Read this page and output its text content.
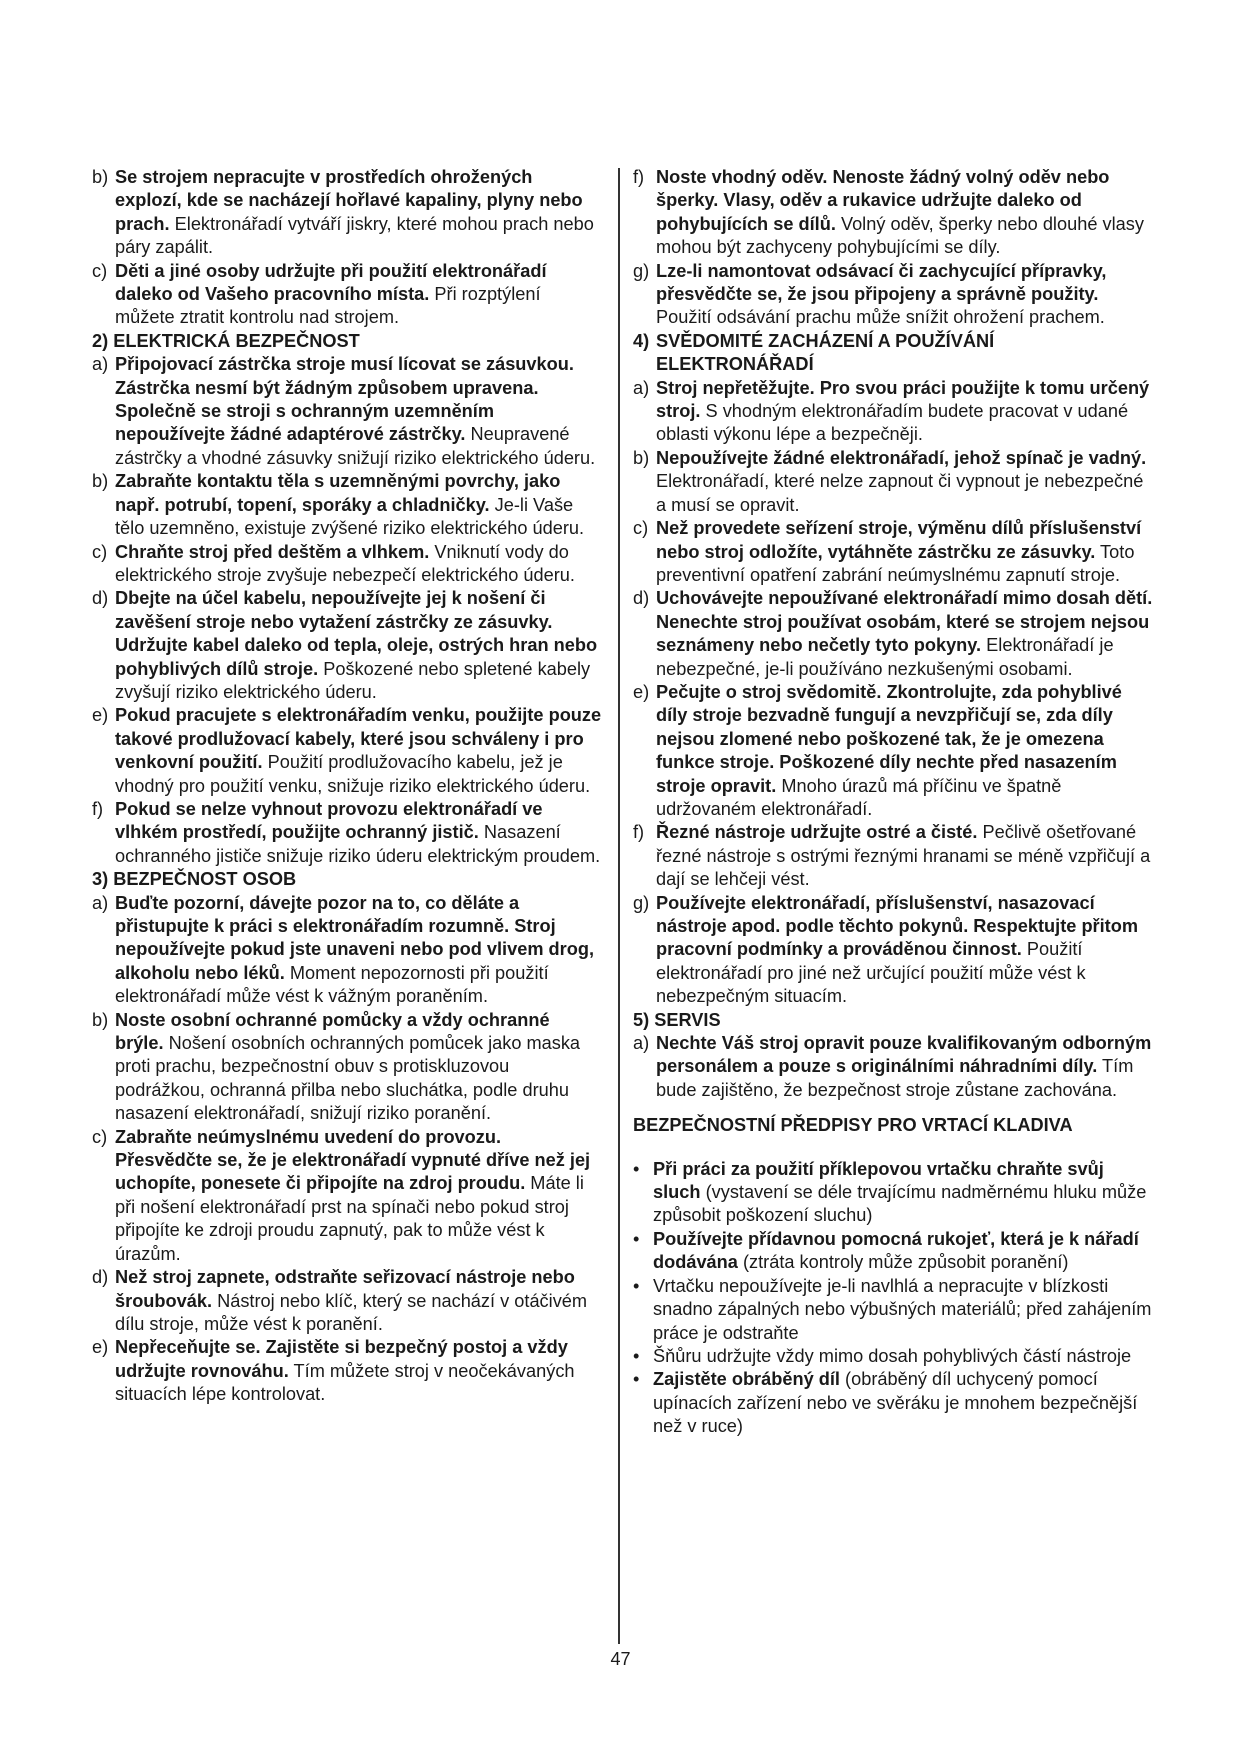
b) Se strojem nepracujte v prostředích ohrožených explozí, kde se nacházejí hořlavé kapaliny, plyny nebo prach. Elektronářadí vytváří jiskry, které mohou prach nebo páry zapálit.
c) Děti a jiné osoby udržujte při použití elektronářadí daleko od Vašeho pracovního místa. Při rozptýlení můžete ztratit kontrolu nad strojem.
2) ELEKTRICKÁ BEZPEČNOST
a) Připojovací zástrčka stroje musí lícovat se zásuvkou. Zástrčka nesmí být žádným způsobem upravena. Společně se stroji s ochranným uzemněním nepoužívejte žádné adaptérové zástrčky. Neupravené zástrčky a vhodné zásuvky snižují riziko elektrického úderu.
b) Zabraňte kontaktu těla s uzemněnými povrchy, jako např. potrubí, topení, sporáky a chladničky. Je-li Vaše tělo uzemněno, existuje zvýšené riziko elektrického úderu.
c) Chraňte stroj před deštěm a vlhkem. Vniknutí vody do elektrického stroje zvyšuje nebezpečí elektrického úderu.
d) Dbejte na účel kabelu, nepoužívejte jej k nošení či zavěšení stroje nebo vytažení zástrčky ze zásuvky. Udržujte kabel daleko od tepla, oleje, ostrých hran nebo pohyblivých dílů stroje. Poškozené nebo spletené kabely zvyšují riziko elektrického úderu.
e) Pokud pracujete s elektronářadím venku, použijte pouze takové prodlužovací kabely, které jsou schváleny i pro venkovní použití. Použití prodlužovacího kabelu, jež je vhodný pro použití venku, snižuje riziko elektrického úderu.
f) Pokud se nelze vyhnout provozu elektronářadí ve vlhkém prostředí, použijte ochranný jistič. Nasazení ochranného jističe snižuje riziko úderu elektrickým proudem.
3) BEZPEČNOST OSOB
a) Buďte pozorní, dávejte pozor na to, co děláte a přistupujte k práci s elektronářadím rozumně. Stroj nepoužívejte pokud jste unaveni nebo pod vlivem drog, alkoholu nebo léků. Moment nepozornosti při použití elektronářadí může vést k vážným poraněním.
b) Noste osobní ochranné pomůcky a vždy ochranné brýle. Nošení osobních ochranných pomůcek jako maska proti prachu, bezpečnostní obuv s protiskluzovou podrážkou, ochranná přilba nebo sluchátka, podle druhu nasazení elektronářadí, snižují riziko poranění.
c) Zabraňte neúmyslnému uvedení do provozu. Přesvědčte se, že je elektronářadí vypnuté dříve než jej uchopíte, ponesete či připojíte na zdroj proudu. Máte li při nošení elektronářadí prst na spínači nebo pokud stroj připojíte ke zdroji proudu zapnutý, pak to může vést k úrazům.
d) Než stroj zapnete, odstraňte seřizovací nástroje nebo šroubovák. Nástroj nebo klíč, který se nachází v otáčivém dílu stroje, může vést k poranění.
e) Nepřeceňujte se. Zajistěte si bezpečný postoj a vždy udržujte rovnováhu. Tím můžete stroj v neočekávaných situacích lépe kontrolovat.
f) Noste vhodný oděv. Nenoste žádný volný oděv nebo šperky. Vlasy, oděv a rukavice udržujte daleko od pohybujících se dílů. Volný oděv, šperky nebo dlouhé vlasy mohou být zachyceny pohybujícími se díly.
g) Lze-li namontovat odsávací či zachycující přípravky, přesvědčte se, že jsou připojeny a správně použity. Použití odsávání prachu může snížit ohrožení prachem.
4) SVĚDOMITÉ ZACHÁZENÍ A POUŽÍVÁNÍ ELEKTRONÁŘADÍ
a) Stroj nepřetěžujte. Pro svou práci použijte k tomu určený stroj. S vhodným elektronářadím budete pracovat v udané oblasti výkonu lépe a bezpečněji.
b) Nepoužívejte žádné elektronářadí, jehož spínač je vadný. Elektronářadí, které nelze zapnout či vypnout je nebezpečné a musí se opravit.
c) Než provedete seřízení stroje, výměnu dílů příslušenství nebo stroj odložíte, vytáhněte zástrčku ze zásuvky. Toto preventivní opatření zabrání neúmyslnému zapnutí stroje.
d) Uchovávejte nepoužívané elektronářadí mimo dosah dětí. Nenechte stroj používat osobám, které se strojem nejsou seznámeny nebo nečetly tyto pokyny. Elektronářadí je nebezpečné, je-li používáno nezkušenými osobami.
e) Pečujte o stroj svědomitě. Zkontrolujte, zda pohyblivé díly stroje bezvadně fungují a nevzpřičují se, zda díly nejsou zlomené nebo poškozené tak, že je omezena funkce stroje. Poškozené díly nechte před nasazením stroje opravit. Mnoho úrazů má příčinu ve špatně udržovaném elektronářadí.
f) Řezné nástroje udržujte ostré a čisté. Pečlivě ošetřované řezné nástroje s ostrými řeznými hranami se méně vzpřičují a dají se lehčeji vést.
g) Používejte elektronářadí, příslušenství, nasazovací nástroje apod. podle těchto pokynů. Respektujte přitom pracovní podmínky a prováděnou činnost. Použití elektronářadí pro jiné než určující použití může vést k nebezpečným situacím.
5) SERVIS
a) Nechte Váš stroj opravit pouze kvalifikovaným odborným personálem a pouze s originálními náhradními díly. Tím bude zajištěno, že bezpečnost stroje zůstane zachována.
BEZPEČNOSTNÍ PŘEDPISY PRO VRTACÍ KLADIVA
• Při práci za použití příklepovou vrtačku chraňte svůj sluch (vystavení se déle trvajícímu nadměrnému hluku může způsobit poškození sluchu)
• Používejte přídavnou pomocná rukojeť, která je k nářadí dodávána (ztráta kontroly může způsobit poranění)
• Vrtačku nepoužívejte je-li navlhlá a nepracujte v blízkosti snadno zápalných nebo výbušných materiálů; před zahájením práce je odstraňte
• Šňůru udržujte vždy mimo dosah pohyblivých částí nástroje
• Zajistěte obráběný díl (obráběný díl uchycený pomocí upínacích zařízení nebo ve svěráku je mnohem bezpečnější než v ruce)
47
